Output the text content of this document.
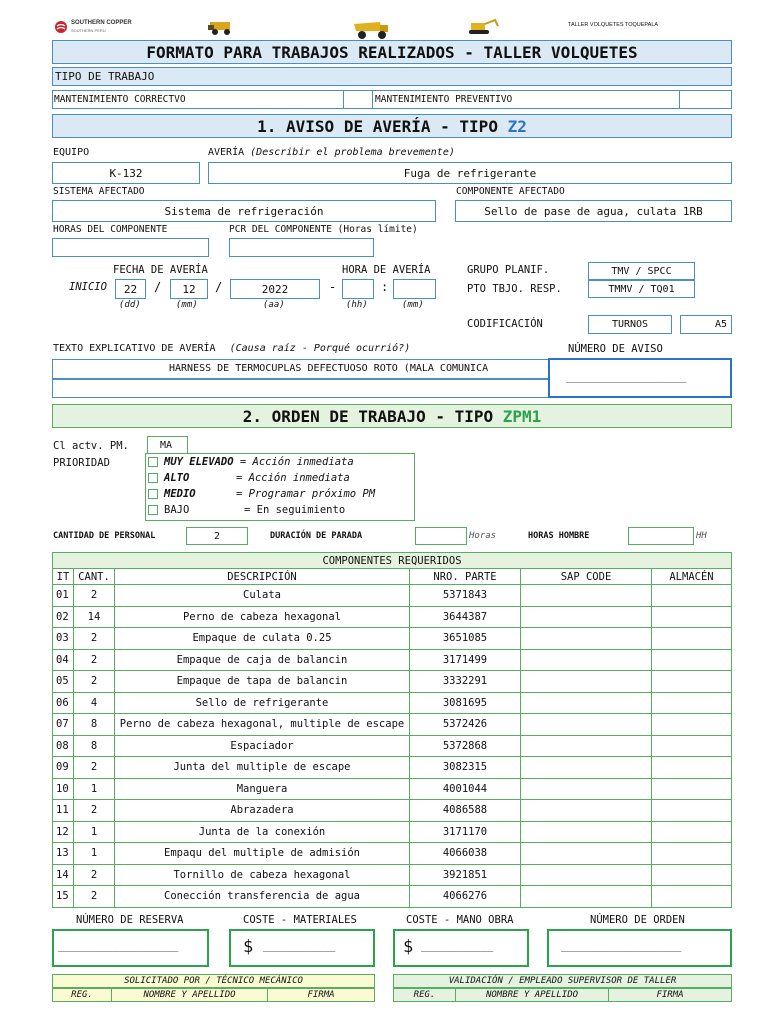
SOUTHERN COPPER
SOUTHERN PERU
TALLER VOLQUETES TOQUEPALA
FORMATO PARA TRABAJOS REALIZADOS - TALLER VOLQUETES
TIPO DE TRABAJO
MANTENIMIENTO CORRECTVO	MANTENIMIENTO PREVENTIVO
1. AVISO DE AVERÍA - TIPO
Z2
EQUIPO	AVERÍA (Describir el problema brevemente)
K-132	Fuga de refrigerante
SISTEMA AFECTADO	COMPONENTE AFECTADO
Sistema de refrigeración	Sello de pase de agua, culata 1RB
HORAS DEL COMPONENTE	PCR DEL COMPONENTE (Horas límite)
FECHA DE AVERÍA	HORA DE AVERÍA
INICIO	22	/	12	/	2022	-	:
(dd)	(mm)	(aa)	(hh)	(mm)
GRUPO PLANIF.	TMV / SPCC
PTO TBJO. RESP.	TMMV / TQ01
CODIFICACIÓN	TURNOS	A5
TEXTO EXPLICATIVO DE AVERÍA (Causa raíz - Porqué ocurrió?)	NÚMERO DE AVISO
HARNESS DE TERMOCUPLAS DEFECTUOSO ROTO (MALA COMUNICA
____________________
2. ORDEN DE TRABAJO - TIPO
ZPM1
Cl actv. PM.	MA
PRIORIDAD	MUY ELEVADO = Acción inmediata
ALTO	= Acción inmediata
MEDIO	= Programar próximo PM
BAJO	= En seguimiento
CANTIDAD DE PERSONAL	2	DURACIÓN DE PARADA	Horas	HORAS HOMBRE	HH
COMPONENTES REQUERIDOS					
IT	CANT.	DESCRIPCIÓN	NRO. PARTE	SAP CODE	ALMACÉN
01	2	Culata	5371843		
02	14	Perno de cabeza hexagonal	3644387		
03	2	Empaque de culata 0.25	3651085		
04	2	Empaque de caja de balancin	3171499		
05	2	Empaque de tapa de balancin	3332291		
06	4	Sello de refrigerante	3081695		
07	8	Perno de cabeza hexagonal, multiple de escape	5372426		
08	8	Espaciador	5372868		
09	2	Junta del multiple de escape	3082315		
10	1	Manguera	4001044		
11	2	Abrazadera	4086588		
12	1	Junta de la conexión	3171170		
13	1	Empaqu del multiple de admisión	4066038		
14	2	Tornillo de cabeza hexagonal	3921851		
15	2	Conección transferencia de agua	4066276		
NÚMERO DE RESERVA	COSTE - MATERIALES	COSTE - MANO OBRA	NÚMERO DE ORDEN
____________________	$ ____________	$ ____________	____________________
SOLICITADO POR / TÉCNICO MECÁNICO
REG.	NOMBRE Y APELLIDO	FIRMA
VALIDACIÓN / EMPLEADO SUPERVISOR DE TALLER
REG.	NOMBRE Y APELLIDO	FIRMA
